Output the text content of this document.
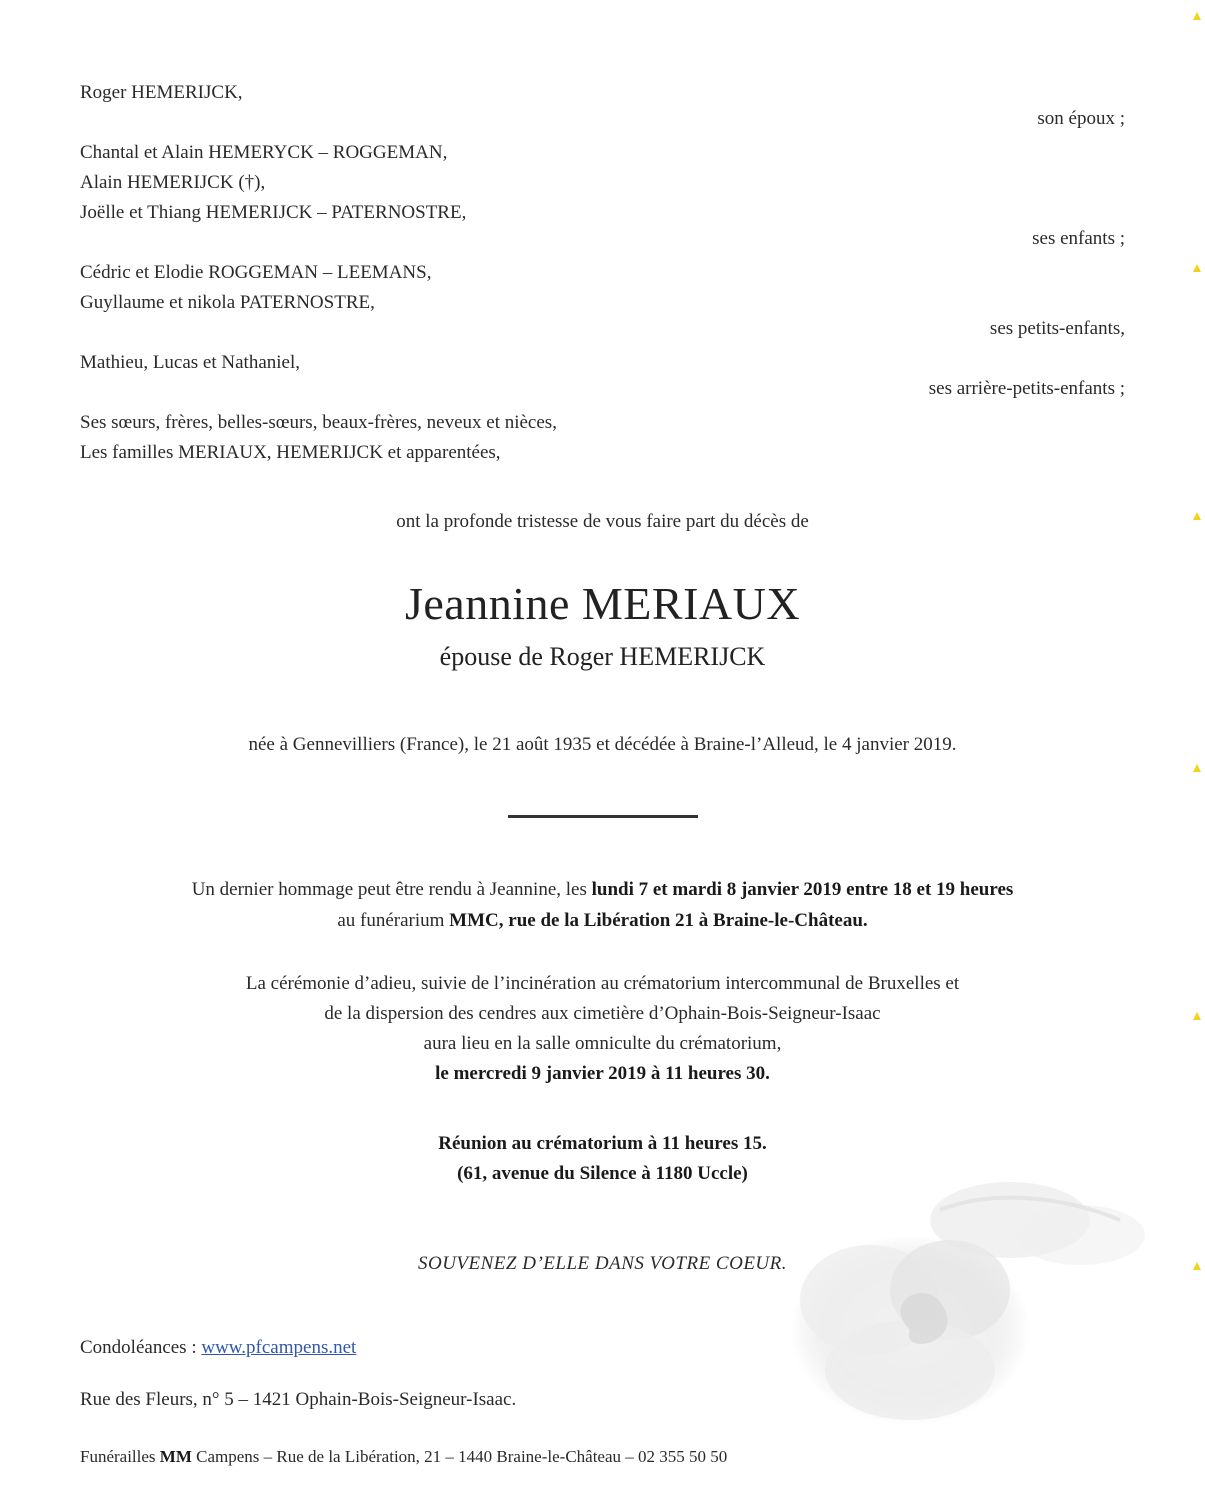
Roger HEMERIJCK,
son époux ;
Chantal et Alain HEMERYCK – ROGGEMAN,
Alain HEMERIJCK (†),
Joëlle et Thiang HEMERIJCK – PATERNOSTRE,
ses enfants ;
Cédric et Elodie ROGGEMAN – LEEMANS,
Guyllaume et nikola PATERNOSTRE,
ses petits-enfants,
Mathieu, Lucas et Nathaniel,
ses arrière-petits-enfants ;
Ses sœurs, frères, belles-sœurs, beaux-frères, neveux et nièces,
Les familles MERIAUX, HEMERIJCK et apparentées,
ont la profonde tristesse de vous faire part du décès de
Jeannine MERIAUX
épouse de Roger HEMERIJCK
née à Gennevilliers (France), le 21 août 1935 et décédée à Braine-l’Alleud, le 4 janvier 2019.
Un dernier hommage peut être rendu à Jeannine, les lundi 7 et mardi 8 janvier 2019 entre 18 et 19 heures
au funérarium MMC, rue de la Libération 21 à Braine-le-Château.
La cérémonie d’adieu, suivie de l’incinération au crématorium intercommunal de Bruxelles et
de la dispersion des cendres aux cimetière d’Ophain-Bois-Seigneur-Isaac
aura lieu en la salle omniculte du crématorium,
le mercredi 9 janvier 2019 à 11 heures 30.
Réunion au crématorium à 11 heures 15.
(61, avenue du Silence à 1180 Uccle)
SOUVENEZ D’ELLE DANS VOTRE COEUR.
Condoléances : www.pfcampens.net
Rue des Fleurs, n° 5 – 1421 Ophain-Bois-Seigneur-Isaac.
Funérailles MM Campens – Rue de la Libération, 21 – 1440 Braine-le-Château – 02 355 50 50
